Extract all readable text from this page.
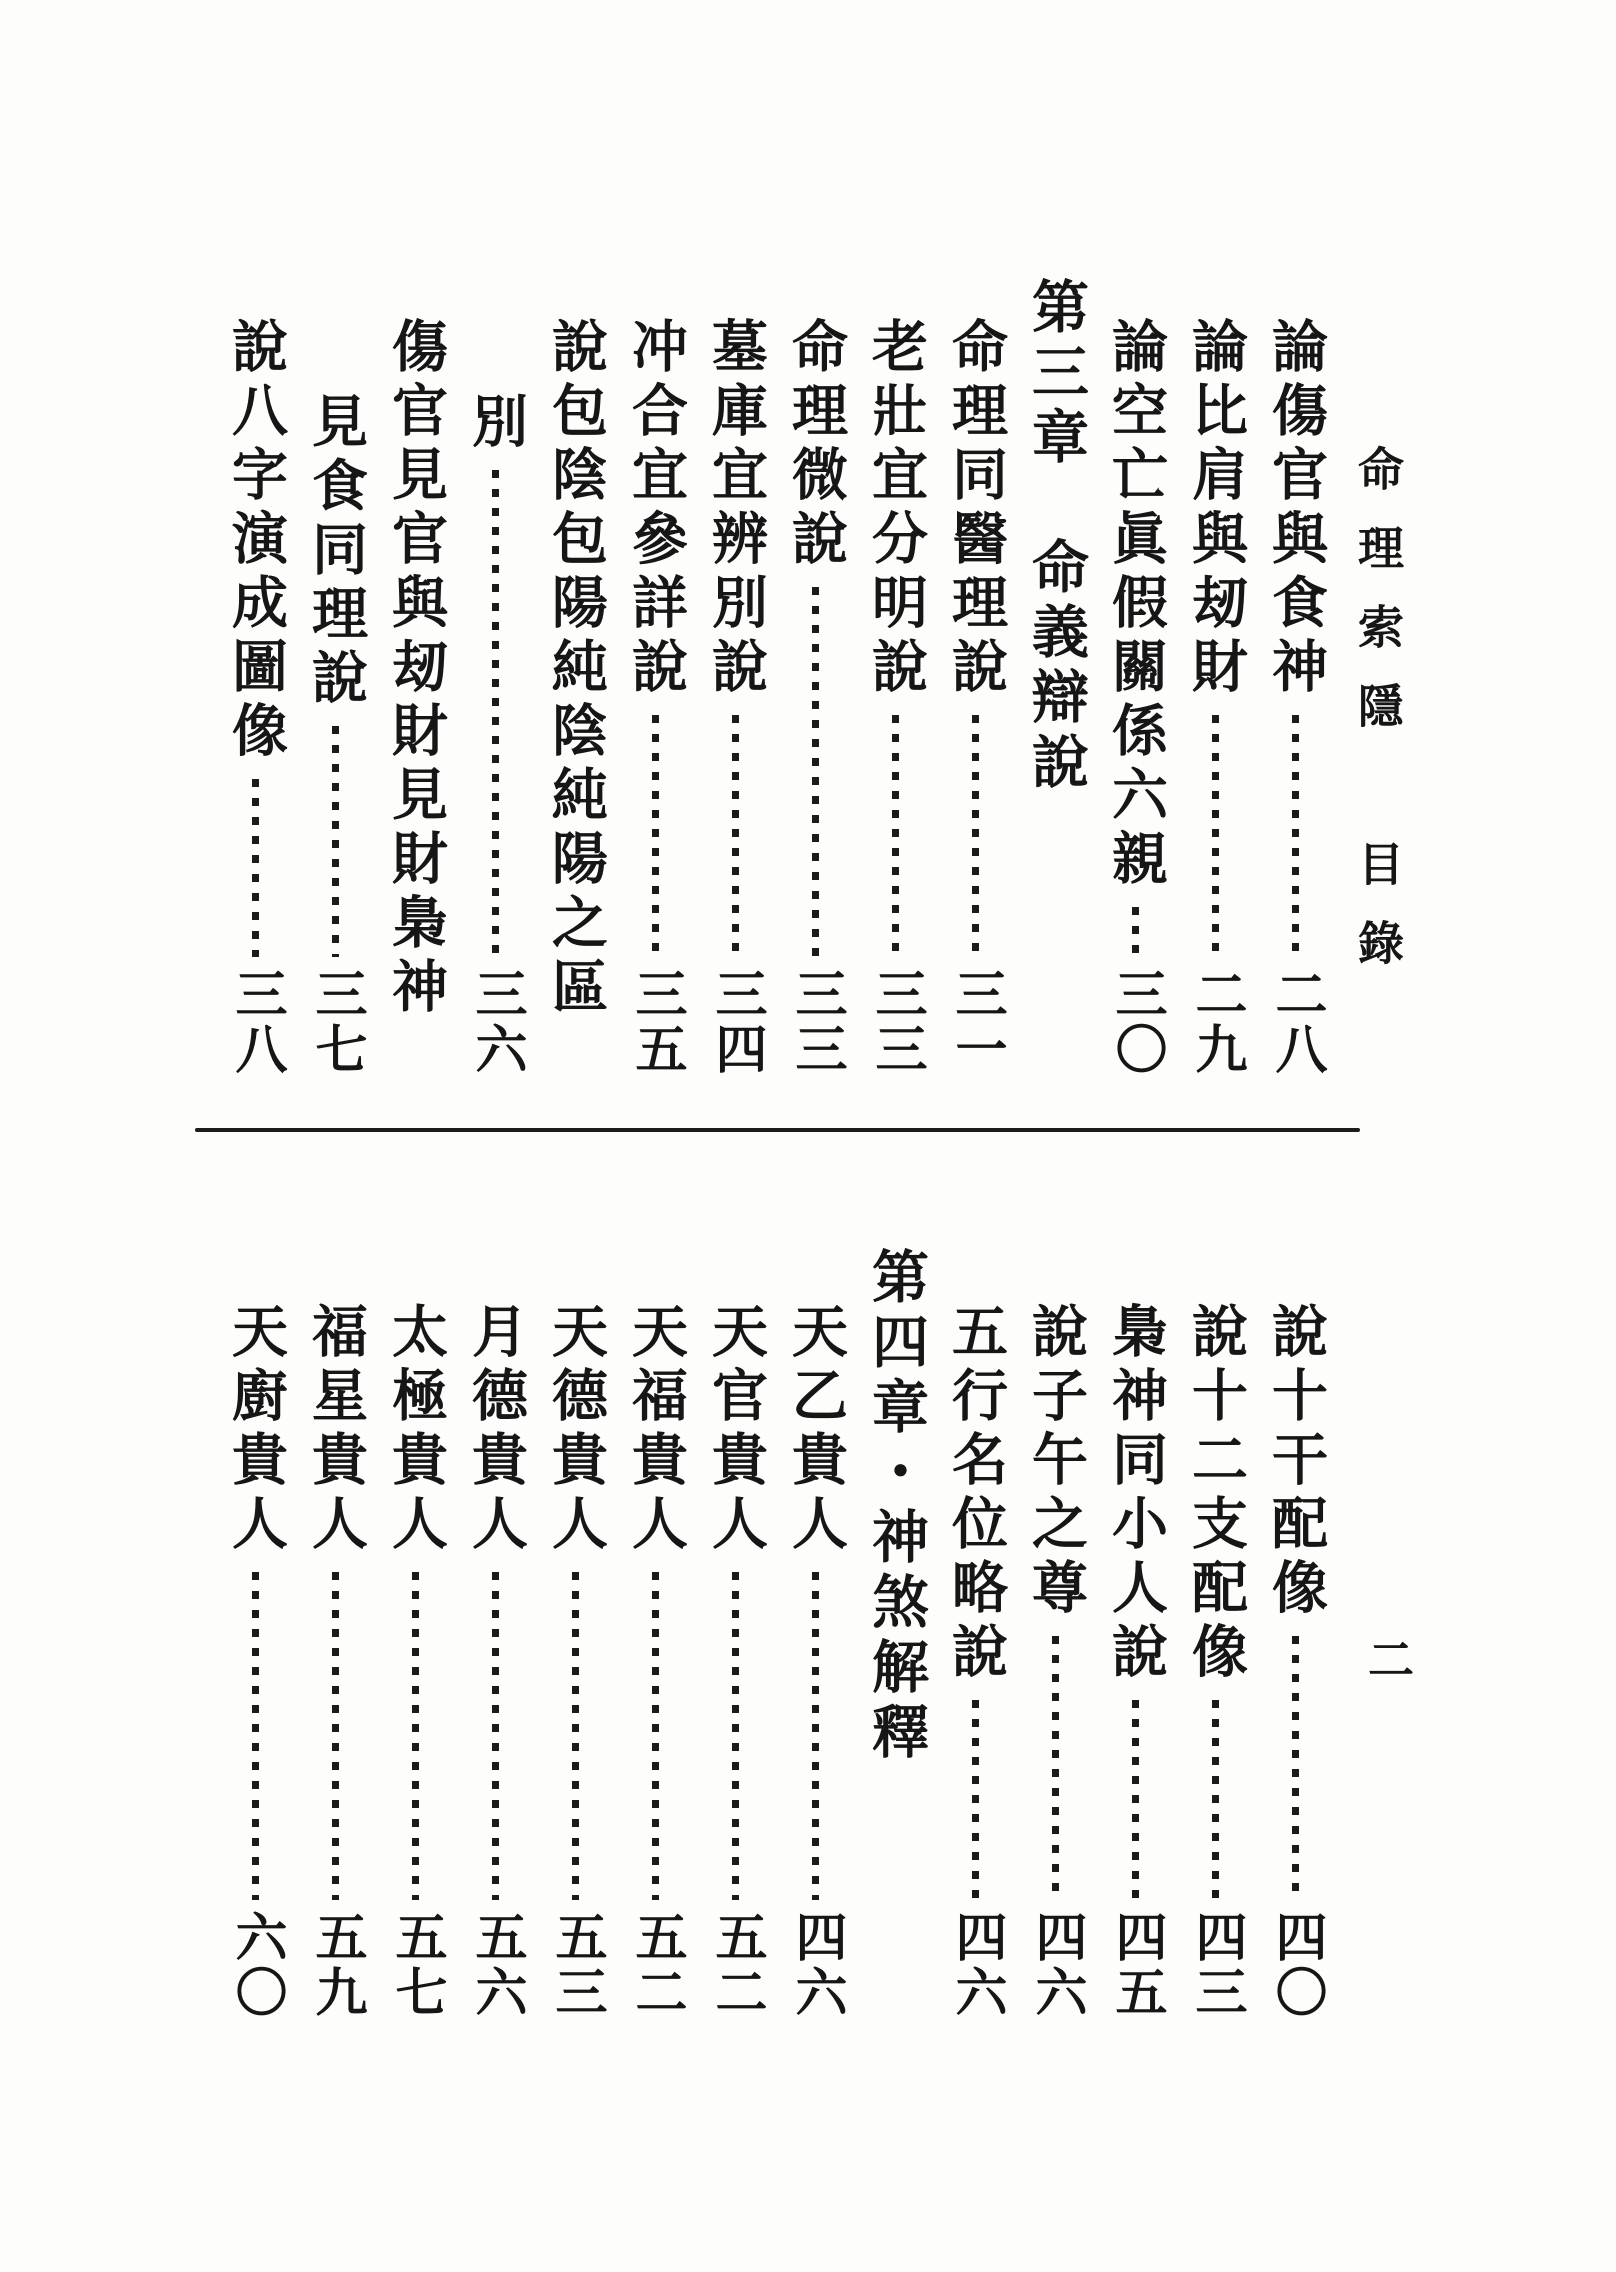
命理索隱　目錄
論傷官與食神
二八
論比肩與刼財
二九
論空亡眞假關係六親
三〇
第三章　命義辯說
命理同醫理說
三一
老壯宜分明說
三三
命理微說
三三
墓庫宜辨別說
三四
冲合宜參詳說
三五
說包陰包陽純陰純陽之區
別
三六
傷官見官與刼財見財梟神
見食同理說
三七
說八字演成圖像
三八
說十干配像
四〇
說十二支配像
四三
梟神同小人說
四五
說子午之尊
四六
五行名位略說
四六
第四章・神煞解釋
天乙貴人
四六
天官貴人
五二
天福貴人
五二
天德貴人
五三
月德貴人
五六
太極貴人
五七
福星貴人
五九
天廚貴人
六〇
二
